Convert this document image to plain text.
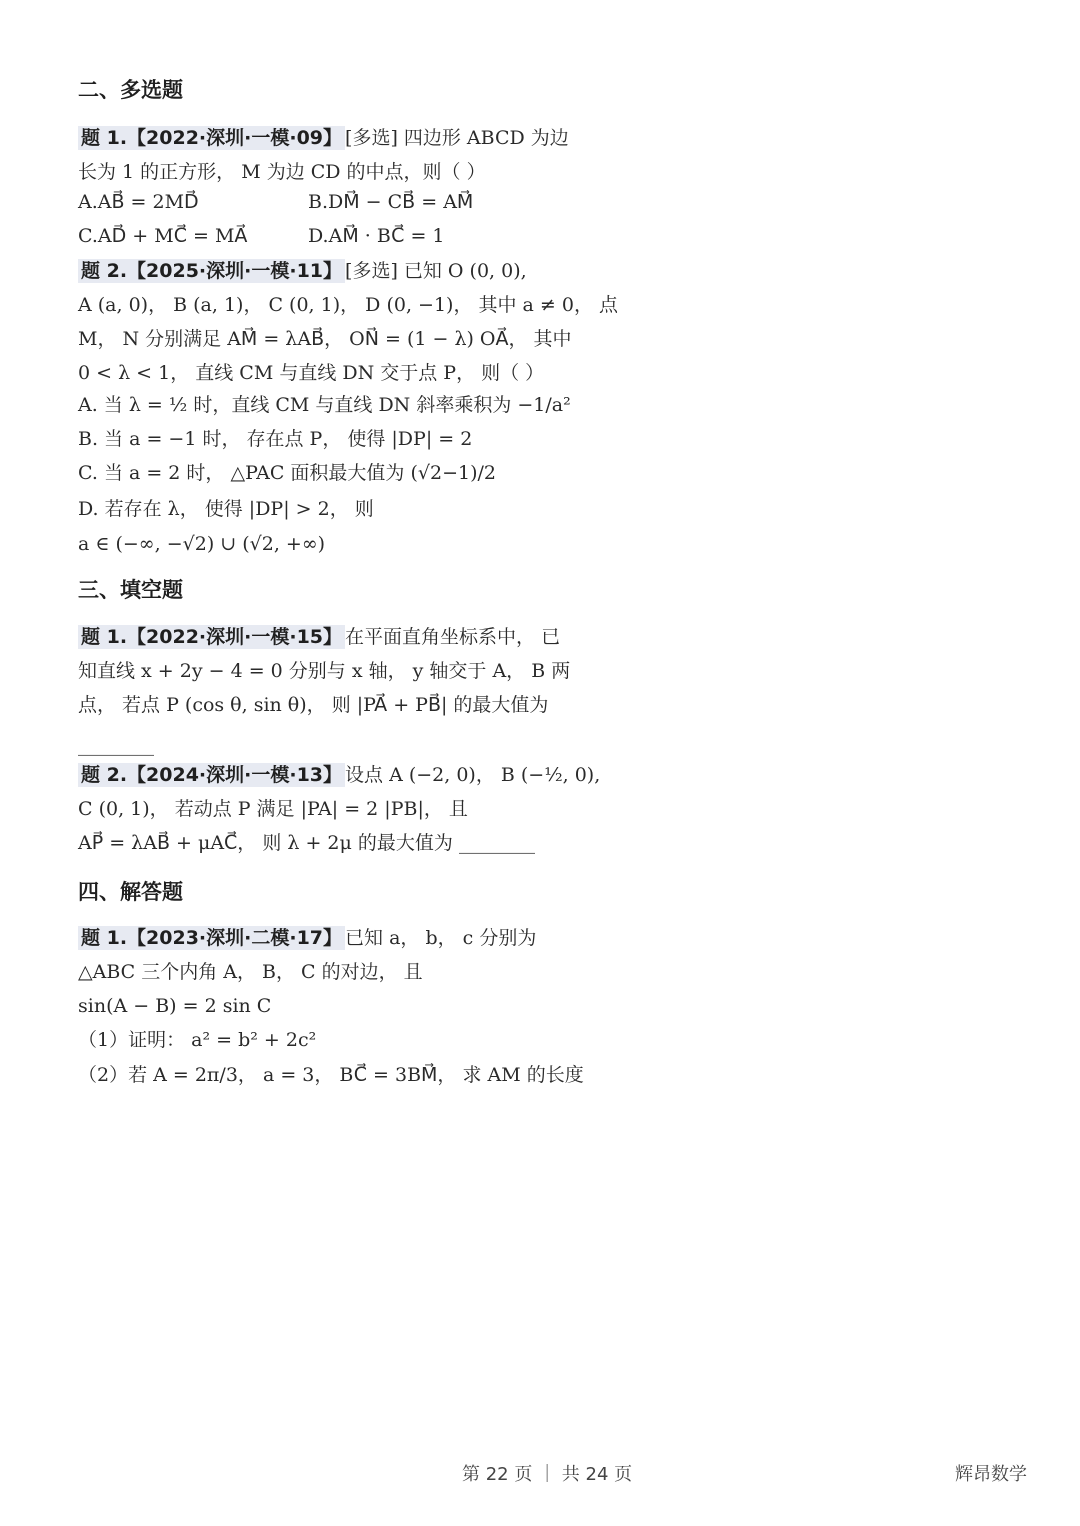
二、多选题
题 1.【2022·深圳·一模·09】 [多选] 四边形 ABCD 为边
长为 1 的正方形， M 为边 CD 的中点，则（ ）
A.AB⃗ = 2MD⃗	B.DM⃗ − CB⃗ = AM⃗
C.AD⃗ + MC⃗ = MA⃗	D.AM⃗ · BC⃗ = 1
题 2.【2025·深圳·一模·11】 [多选] 已知 O (0, 0),
A (a, 0)， B (a, 1)， C (0, 1)， D (0, −1)， 其中 a ≠ 0， 点
M， N 分别满足 AM⃗ = λAB⃗， ON⃗ = (1 − λ) OA⃗， 其中
0 < λ < 1， 直线 CM 与直线 DN 交于点 P， 则（ ）
A. 当 λ = ½ 时，直线 CM 与直线 DN 斜率乘积为 −1/a²
B. 当 a = −1 时， 存在点 P， 使得 |DP| = 2
C. 当 a = 2 时， △PAC 面积最大值为 (√2−1)/2
D. 若存在 λ， 使得 |DP| > 2， 则
a ∈ (−∞, −√2) ∪ (√2, +∞)
三、填空题
题 1.【2022·深圳·一模·15】 在平面直角坐标系中， 已
知直线 x + 2y − 4 = 0 分别与 x 轴， y 轴交于 A， B 两
点， 若点 P (cos θ, sin θ)， 则 |PA⃗ + PB⃗| 的最大值为
________
题 2.【2024·深圳·一模·13】 设点 A (−2, 0)， B (−½, 0),
C (0, 1)， 若动点 P 满足 |PA| = 2 |PB|， 且
AP⃗ = λAB⃗ + μAC⃗， 则 λ + 2μ 的最大值为 ________
四、解答题
题 1.【2023·深圳·二模·17】 已知 a， b， c 分别为
△ABC 三个内角 A， B， C 的对边， 且
sin(A − B) = 2 sin C
（1）证明： a² = b² + 2c²
（2）若 A = 2π/3， a = 3， BC⃗ = 3BM⃗， 求 AM 的长度
第 22 页 ｜ 共 24 页	辉昂数学
